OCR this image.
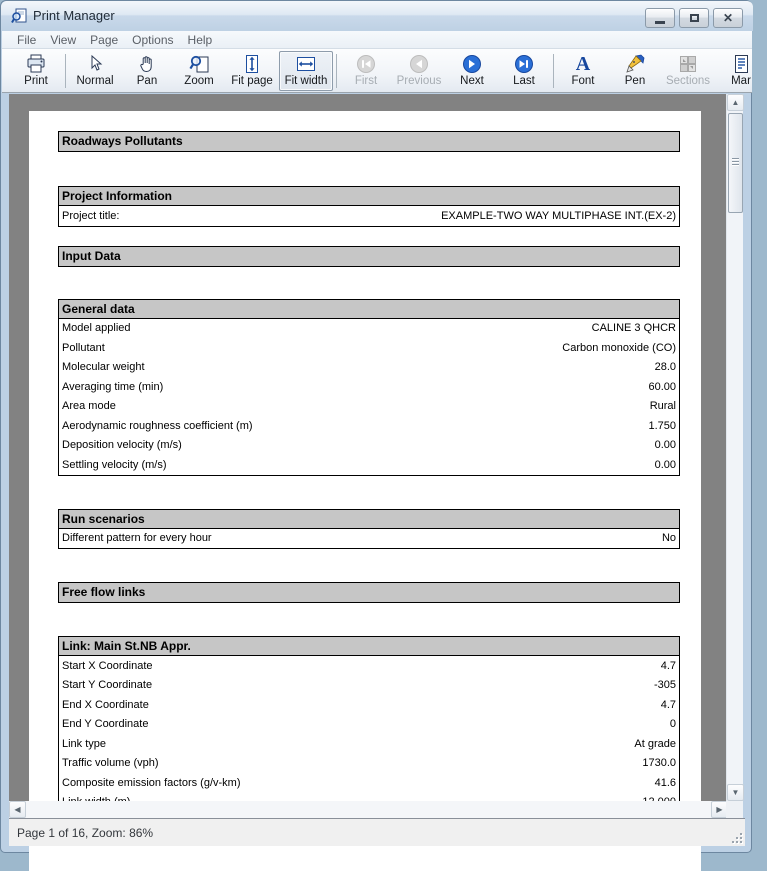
Print Manager	✕
File	View	Page	Options	Help
Print Normal Pan Zoom Fit page Fit width First Previous Next	Last
A
Font	Pen Sections Mar
Roadways Pollutants
Project Information
Project title:	EXAMPLE-TWO WAY MULTIPHASE INT.(EX-2)
Input Data
General data
Model applied	CALINE 3 QHCR
Pollutant	Carbon monoxide (CO)
Molecular weight	28.0
Averaging time (min)	60.00
Area mode	Rural
Aerodynamic roughness coefficient (m)	1.750
Deposition velocity (m/s)	0.00
Settling velocity (m/s)	0.00
Run scenarios
Different pattern for every hour	No
Free flow links
Link: Main St.NB Appr.
Start X Coordinate	4.7
Start Y Coordinate	-305
End X Coordinate	4.7
End Y Coordinate	0
Link type	At grade
Traffic volume (vph)	1730.0
Composite emission factors (g/v-km)	41.6
▲
▼
◀	▶
Page 1 of 16, Zoom: 86%
